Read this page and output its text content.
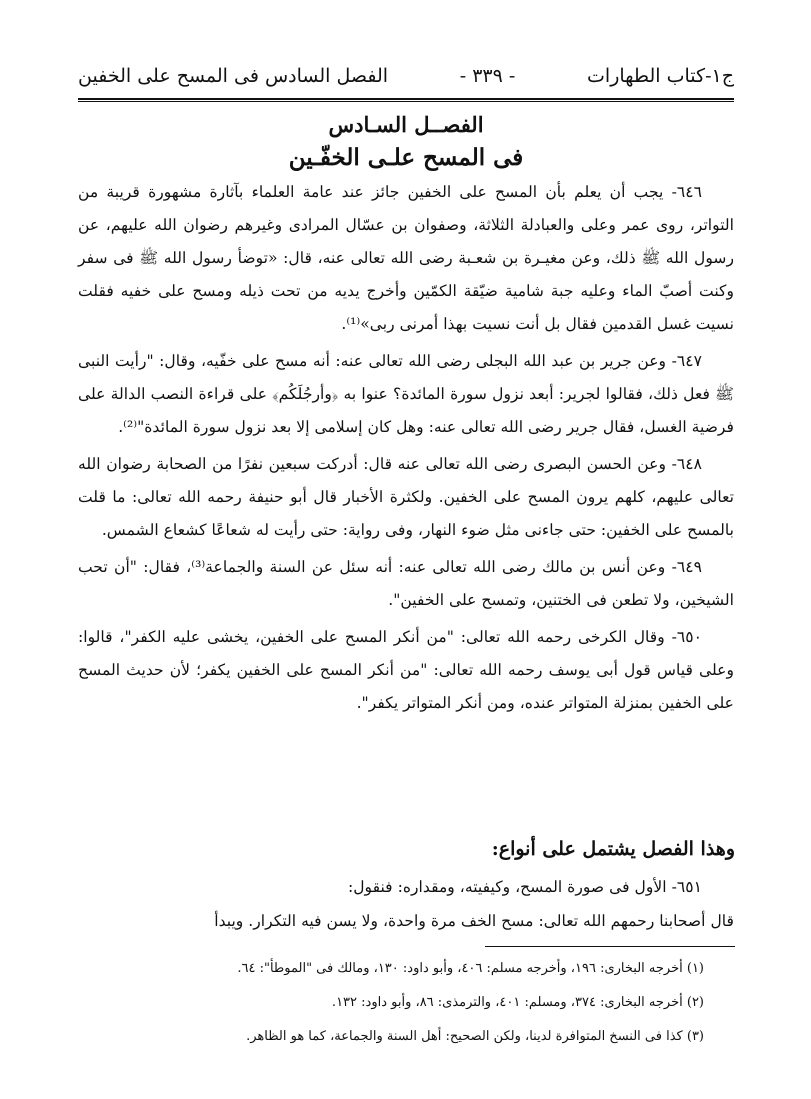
ج١-كتاب الطهارات
- ٣٣٩ -
الفصل السادس فى المسح على الخفين
الفصــل السـادس
فى المسح علـى الخفّـين

٦٤٦- يجب أن يعلم بأن المسح على الخفين جائز عند عامة العلماء بآثارة مشهورة قريبة من التواتر، روى عمر وعلى والعبادلة الثلاثة، وصفوان بن عسّال المرادى وغيرهم رضوان الله عليهم، عن رسول الله ﷺ ذلك، وعن مغيـرة بن شعـبة رضى الله تعالى عنه، قال: «توضأ رسول الله ﷺ فى سفر وكنت أصبّ الماء وعليه جبة شامية ضيّقة الكمّين وأخرج يديه من تحت ذيله ومسح على خفيه فقلت نسيت غسل القدمين فقال بل أنت نسيت بهذا أمرنى ربى»⁽¹⁾.

٦٤٧- وعن جرير بن عبد الله البجلى رضى الله تعالى عنه: أنه مسح على خفّيه، وقال: "رأيت النبى ﷺ فعل ذلك، فقالوا لجرير: أبعد نزول سورة المائدة؟ عنوا به ﴿وأرجُلَكُم﴾ على قراءة النصب الدالة على فرضية الغسل، فقال جرير رضى الله تعالى عنه: وهل كان إسلامى إلا بعد نزول سورة المائدة"⁽²⁾.

٦٤٨- وعن الحسن البصرى رضى الله تعالى عنه قال: أدركت سبعين نفرًا من الصحابة رضوان الله تعالى عليهم، كلهم يرون المسح على الخفين. ولكثرة الأخبار قال أبو حنيفة رحمه الله تعالى: ما قلت بالمسح على الخفين: حتى جاءنى مثل ضوء النهار، وفى رواية: حتى رأيت له شعاعًا كشعاع الشمس.

٦٤٩- وعن أنس بن مالك رضى الله تعالى عنه: أنه سئل عن السنة والجماعة⁽³⁾، فقال: "أن تحب الشيخين، ولا تطعن فى الختنين، وتمسح على الخفين".

٦٥٠- وقال الكرخى رحمه الله تعالى: "من أنكر المسح على الخفين، يخشى عليه الكفر"، قالوا: وعلى قياس قول أبى يوسف رحمه الله تعالى: "من أنكر المسح على الخفين يكفر؛ لأن حديث المسح على الخفين بمنزلة المتواتر عنده، ومن أنكر المتواتر يكفر".

وهذا الفصل يشتمل على أنواع:

٦٥١- الأول فى صورة المسح، وكيفيته، ومقداره: فنقول:

قال أصحابنا رحمهم الله تعالى: مسح الخف مرة واحدة، ولا يسن فيه التكرار. ويبدأ

(١) أخرجه البخارى: ١٩٦، وأخرجه مسلم: ٤٠٦، وأبو داود: ١٣٠، ومالك فى "الموطأ": ٦٤.

(٢) أخرجه البخارى: ٣٧٤، ومسلم: ٤٠١، والترمذى: ٨٦، وأبو داود: ١٣٢.

(٣) كذا فى النسخ المتوافرة لدينا، ولكن الصحيح: أهل السنة والجماعة، كما هو الظاهر.
